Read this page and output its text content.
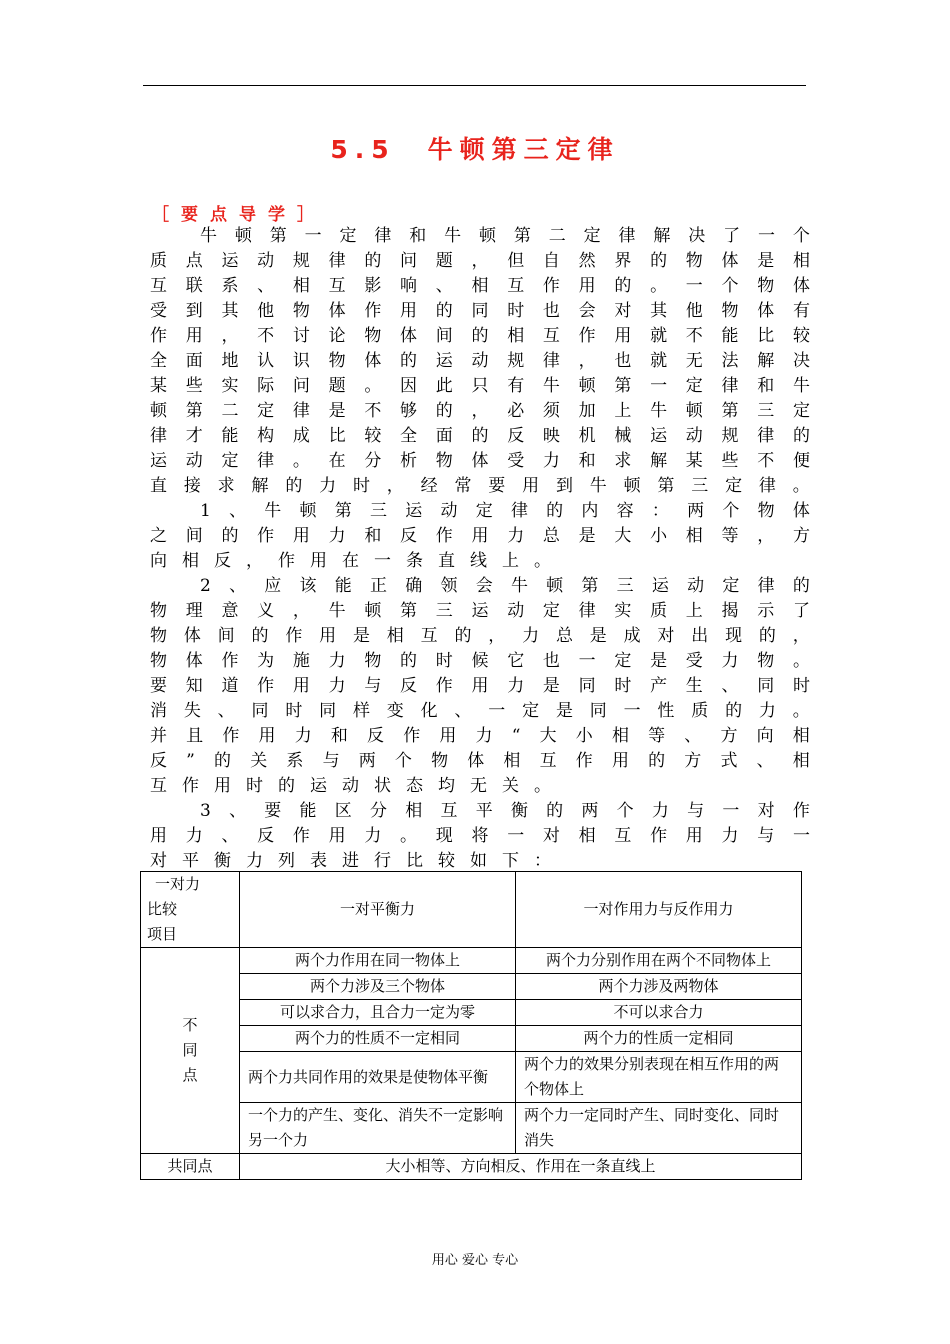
5.5　牛顿第三定律
［要点导学］
牛 顿 第 一 定 律 和 牛 顿 第 二 定 律 解 决 了 一 个
质 点 运 动 规 律 的 问 题 ， 但 自 然 界 的 物 体 是 相
互 联 系 、 相 互 影 响 、 相 互 作 用 的 。 一 个 物 体
受 到 其 他 物 体 作 用 的 同 时 也 会 对 其 他 物 体 有
作 用 ， 不 讨 论 物 体 间 的 相 互 作 用 就 不 能 比 较
全 面 地 认 识 物 体 的 运 动 规 律 ， 也 就 无 法 解 决
某 些 实 际 问 题 。 因 此 只 有 牛 顿 第 一 定 律 和 牛
顿 第 二 定 律 是 不 够 的 ， 必 须 加 上 牛 顿 第 三 定
律 才 能 构 成 比 较 全 面 的 反 映 机 械 运 动 规 律 的
运 动 定 律 。 在 分 析 物 体 受 力 和 求 解 某 些 不 便
直 接 求 解 的 力 时 ， 经 常 要 用 到 牛 顿 第 三 定 律 。
1 、 牛 顿 第 三 运 动 定 律 的 内 容 ： 两 个 物 体
之 间 的 作 用 力 和 反 作 用 力 总 是 大 小 相 等 ， 方
向 相 反 ， 作 用 在 一 条 直 线 上 。
2 、 应 该 能 正 确 领 会 牛 顿 第 三 运 动 定 律 的
物 理 意 义 ， 牛 顿 第 三 运 动 定 律 实 质 上 揭 示 了
物 体 间 的 作 用 是 相 互 的 ， 力 总 是 成 对 出 现 的 ，
物 体 作 为 施 力 物 的 时 候 它 也 一 定 是 受 力 物 。
要 知 道 作 用 力 与 反 作 用 力 是 同 时 产 生 、 同 时
消 失 、 同 时 同 样 变 化 、 一 定 是 同 一 性 质 的 力 。
并 且 作 用 力 和 反 作 用 力 “ 大 小 相 等 、 方 向 相
反 ” 的 关 系 与 两 个 物 体 相 互 作 用 的 方 式 、 相
互 作 用 时 的 运 动 状 态 均 无 关 。
3 、 要 能 区 分 相 互 平 衡 的 两 个 力 与 一 对 作
用 力 、 反 作 用 力 。 现 将 一 对 相 互 作 用 力 与 一
对 平 衡 力 列 表 进 行 比 较 如 下 ：
一对力
比较
项目	一对平衡力	一对作用力与反作用力

不
同
点	两个力作用在同一物体上	两个力分别作用在两个不同物体上
	两个力涉及三个物体	两个力涉及两物体
	可以求合力，且合力一定为零	不可以求合力
	两个力的性质不一定相同	两个力的性质一定相同
	两个力共同作用的效果是使物体平衡	两个力的效果分别表现在相互作用的两个物体上
	一个力的产生、变化、消失不一定影响另一个力	两个力一定同时产生、同时变化、同时消失
共同点	大小相等、方向相反、作用在一条直线上	
用心 爱心 专心
